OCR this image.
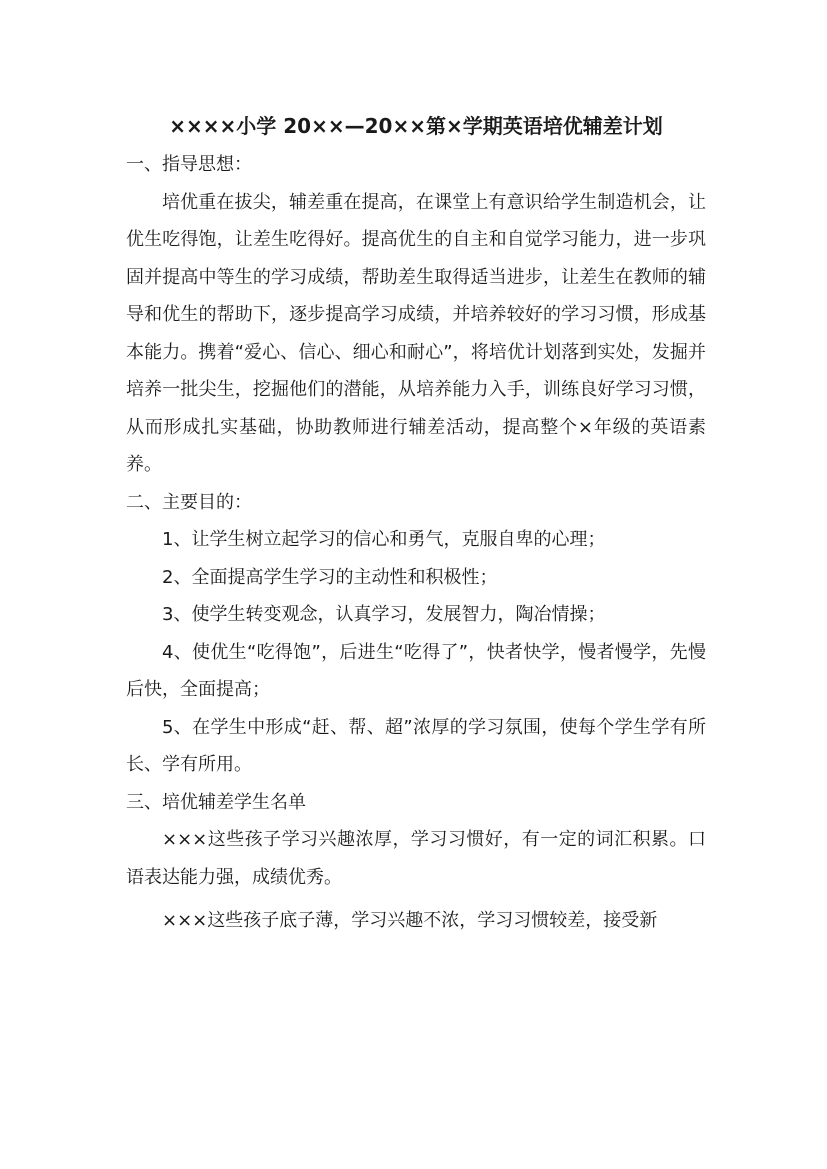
××××小学 20××—20××第×学期英语培优辅差计划

一、指导思想：

培优重在拔尖，辅差重在提高，在课堂上有意识给学生制造机会，让优生吃得饱，让差生吃得好。提高优生的自主和自觉学习能力，进一步巩固并提高中等生的学习成绩，帮助差生取得适当进步，让差生在教师的辅导和优生的帮助下，逐步提高学习成绩，并培养较好的学习习惯，形成基本能力。携着“爱心、信心、细心和耐心”，将培优计划落到实处，发掘并培养一批尖生，挖掘他们的潜能，从培养能力入手，训练良好学习习惯，从而形成扎实基础，协助教师进行辅差活动，提高整个×年级的英语素养。

二、主要目的：

1、让学生树立起学习的信心和勇气，克服自卑的心理；

2、全面提高学生学习的主动性和积极性；

3、使学生转变观念，认真学习，发展智力，陶冶情操；

4、使优生“吃得饱”，后进生“吃得了”，快者快学，慢者慢学，先慢后快，全面提高；

5、在学生中形成“赶、帮、超”浓厚的学习氛围，使每个学生学有所长、学有所用。

三、培优辅差学生名单

×××这些孩子学习兴趣浓厚，学习习惯好，有一定的词汇积累。口语表达能力强，成绩优秀。

×××这些孩子底子薄，学习兴趣不浓，学习习惯较差，接受新
